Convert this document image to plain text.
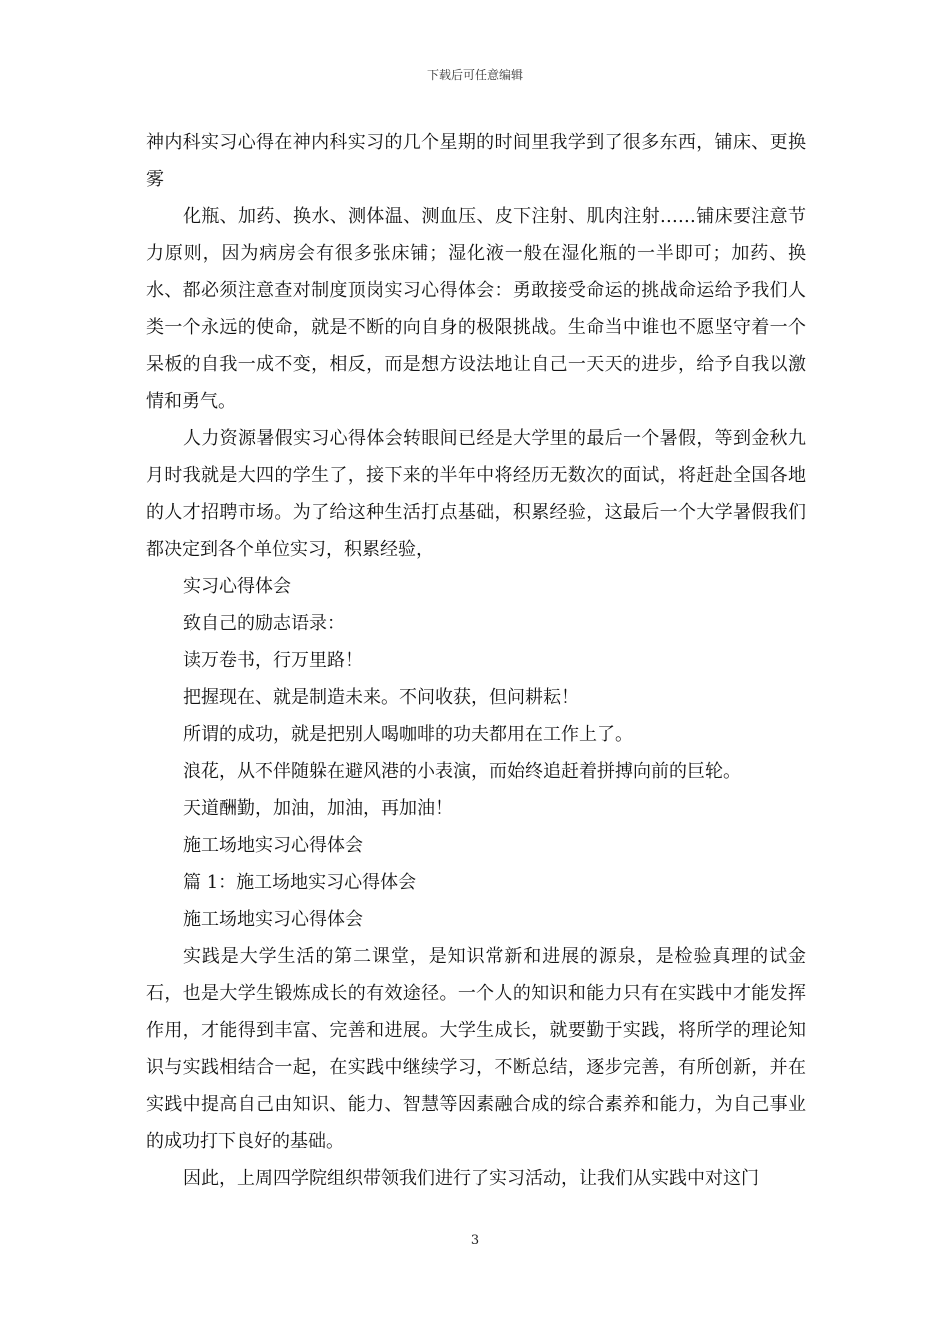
下载后可任意编辑

神内科实习心得在神内科实习的几个星期的时间里我学到了很多东西，铺床、更换雾

化瓶、加药、换水、测体温、测血压、皮下注射、肌肉注射……铺床要注意节力原则，因为病房会有很多张床铺；湿化液一般在湿化瓶的一半即可；加药、换水、都必须注意查对制度顶岗实习心得体会：勇敢接受命运的挑战命运给予我们人类一个永远的使命，就是不断的向自身的极限挑战。生命当中谁也不愿坚守着一个呆板的自我一成不变，相反，而是想方设法地让自己一天天的进步，给予自我以激情和勇气。

人力资源暑假实习心得体会转眼间已经是大学里的最后一个暑假，等到金秋九月时我就是大四的学生了，接下来的半年中将经历无数次的面试，将赶赴全国各地的人才招聘市场。为了给这种生活打点基础，积累经验，这最后一个大学暑假我们都决定到各个单位实习，积累经验，

实习心得体会

致自己的励志语录：

读万卷书，行万里路！

把握现在、就是制造未来。不问收获，但问耕耘！

所谓的成功，就是把别人喝咖啡的功夫都用在工作上了。

浪花，从不伴随躲在避风港的小表演，而始终追赶着拼搏向前的巨轮。

天道酬勤，加油，加油，再加油！

施工场地实习心得体会

篇 1：施工场地实习心得体会

施工场地实习心得体会

实践是大学生活的第二课堂，是知识常新和进展的源泉，是检验真理的试金石，也是大学生锻炼成长的有效途径。一个人的知识和能力只有在实践中才能发挥作用，才能得到丰富、完善和进展。大学生成长，就要勤于实践，将所学的理论知识与实践相结合一起，在实践中继续学习，不断总结，逐步完善，有所创新，并在实践中提高自己由知识、能力、智慧等因素融合成的综合素养和能力，为自己事业的成功打下良好的基础。

因此，上周四学院组织带领我们进行了实习活动，让我们从实践中对这门

3
